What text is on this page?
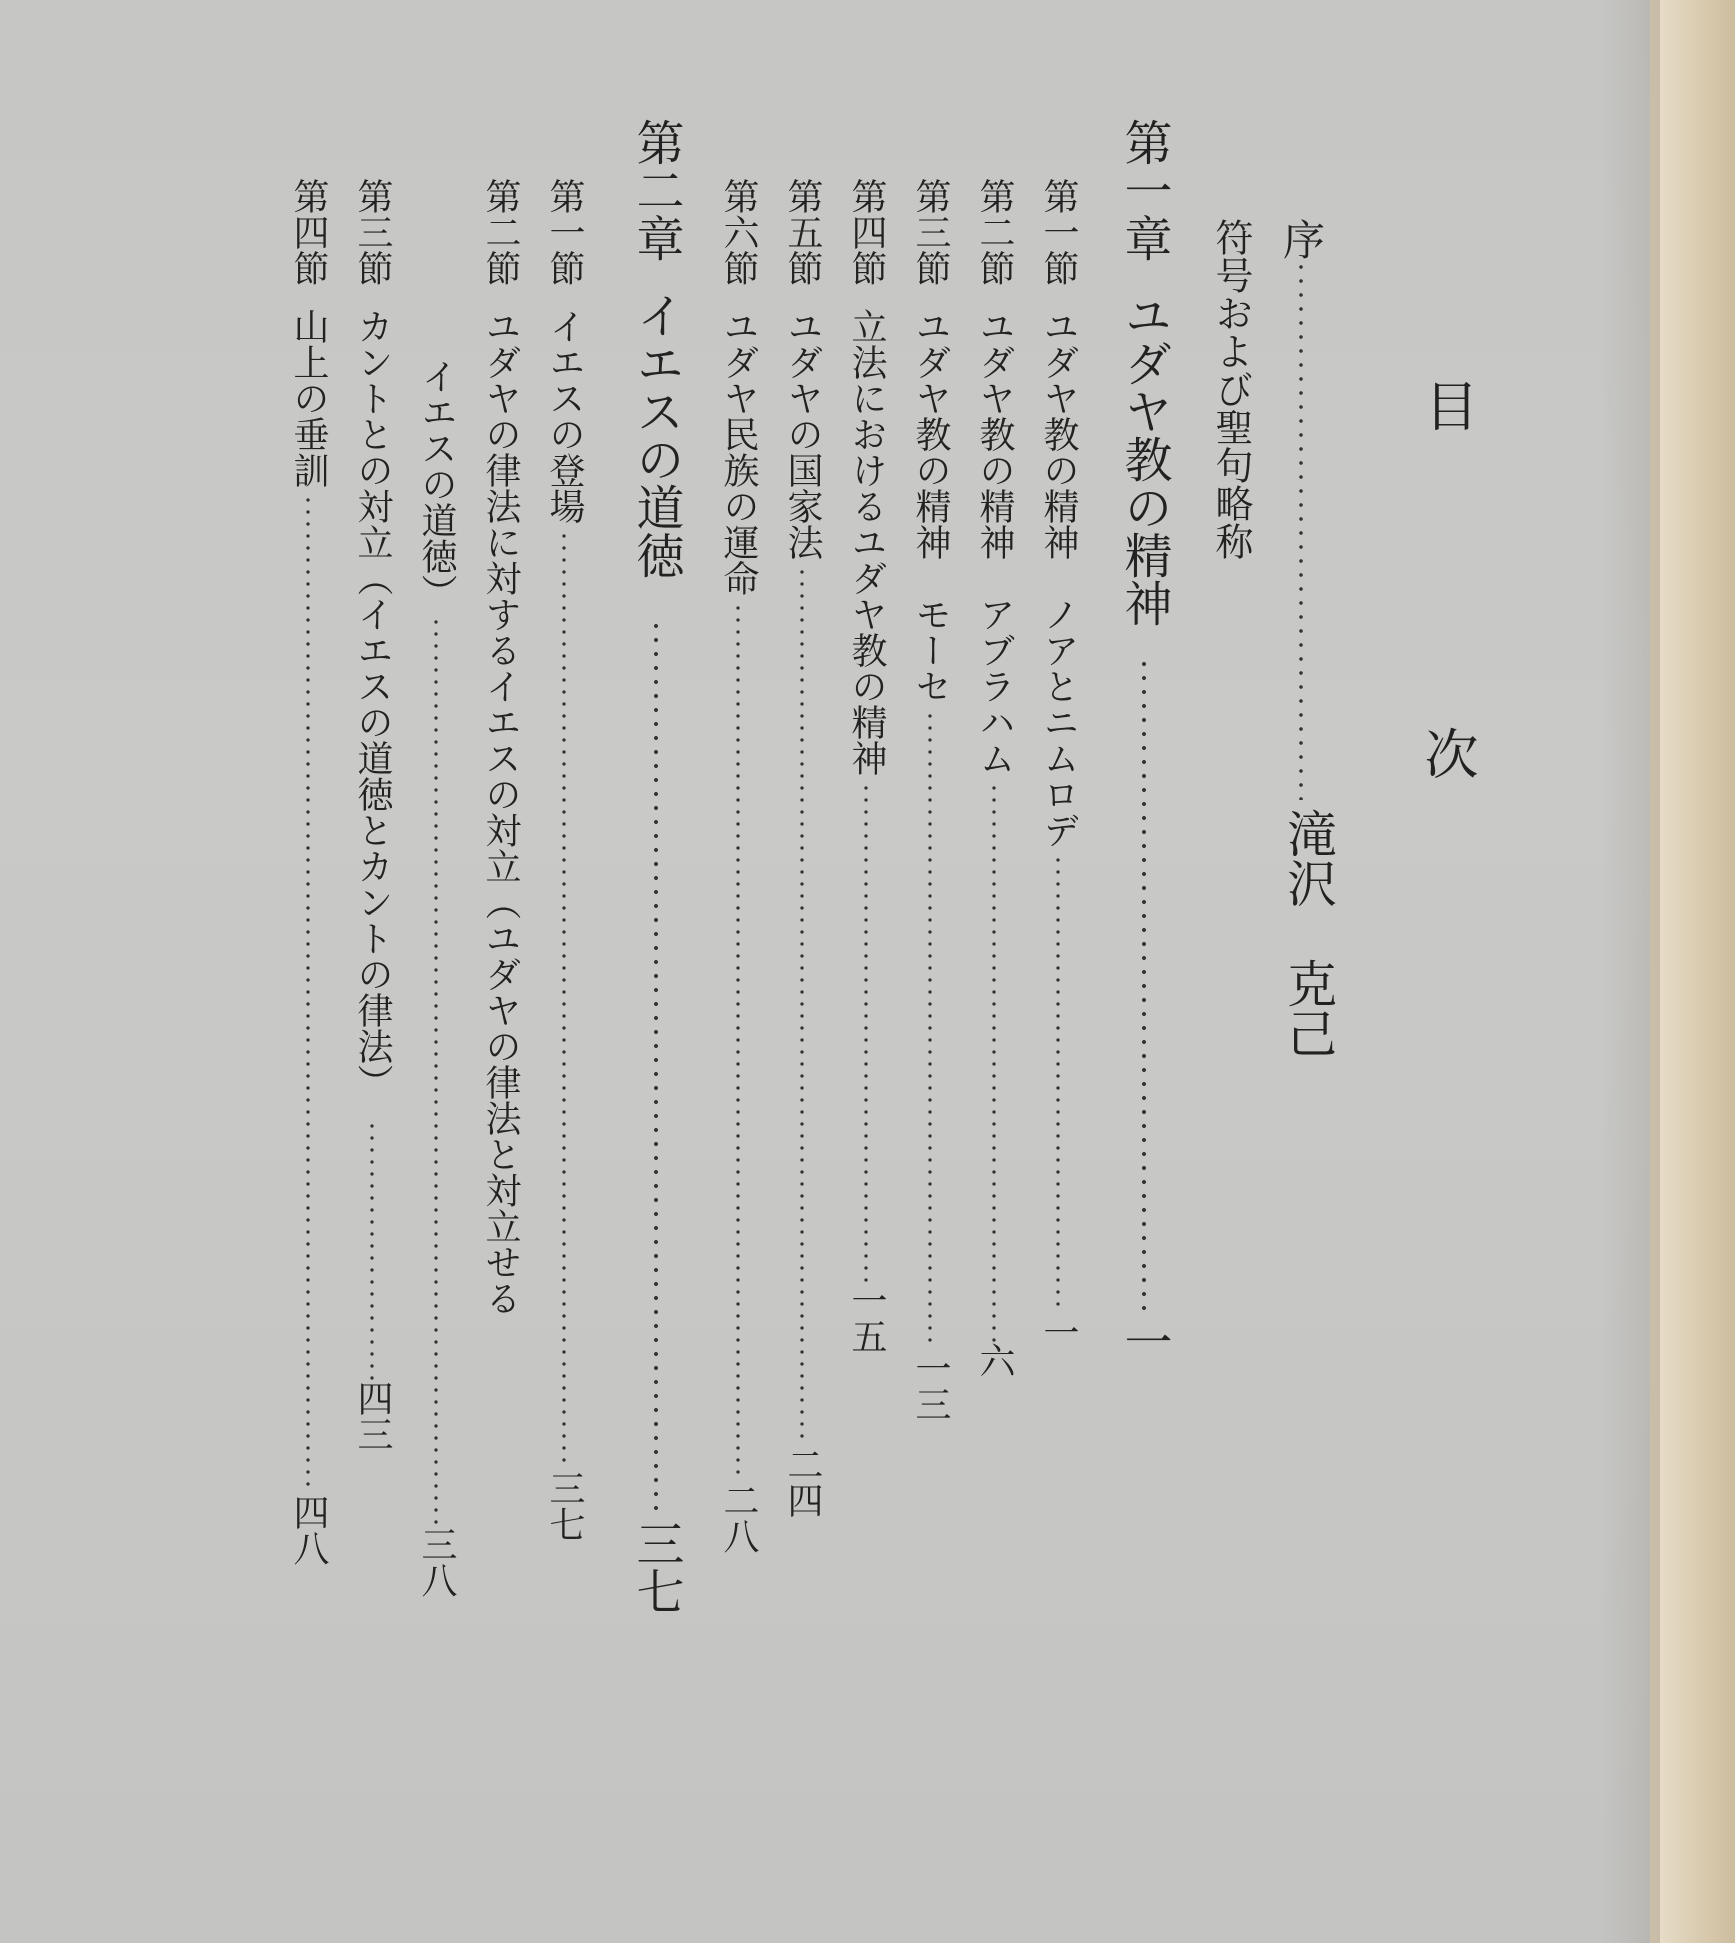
目　次
滝沢克己
序
符号および聖句略称
第一章ユダヤ教の精神一
第一節ユダヤ教の精神　ノアとニムロデ一
第二節ユダヤ教の精神　アブラハム六
第三節ユダヤ教の精神　モーセ一三
第四節立法におけるユダヤ教の精神一五
第五節ユダヤの国家法二四
第六節ユダヤ民族の運命二八
第二章イエスの道徳三七
第一節イエスの登場三七
第二節ユダヤの律法に対するイエスの対立（ユダヤの律法と対立せる
イエスの道徳）三八
第三節カントとの対立（イエスの道徳とカントの律法）四三
第四節山上の垂訓四八
